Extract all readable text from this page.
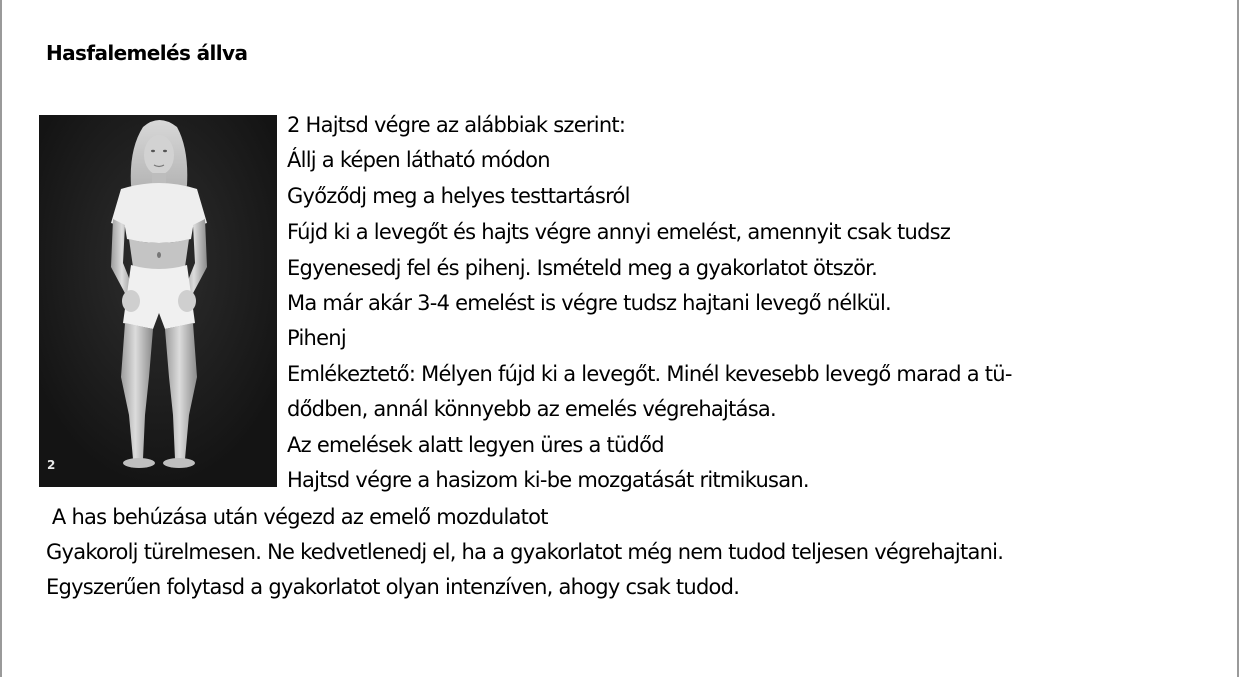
Hasfalemelés állva
2
2 Hajtsd végre az alábbiak szerint:
Állj a képen látható módon
Győződj meg a helyes testtartásról
Fújd ki a levegőt és hajts végre annyi emelést, amennyit csak tudsz
Egyenesedj fel és pihenj. Ismételd meg a gyakorlatot ötször.
Ma már akár 3-4 emelést is végre tudsz hajtani levegő nélkül.
Pihenj
Emlékeztető: Mélyen fújd ki a levegőt. Minél kevesebb levegő marad a tü-
dődben, annál könnyebb az emelés végrehajtása.
Az emelések alatt legyen üres a tüdőd
Hajtsd végre a hasizom ki-be mozgatását ritmikusan.
A has behúzása után végezd az emelő mozdulatot
Gyakorolj türelmesen. Ne kedvetlenedj el, ha a gyakorlatot még nem tudod teljesen végrehajtani.
Egyszerűen folytasd a gyakorlatot olyan intenzíven, ahogy csak tudod.
